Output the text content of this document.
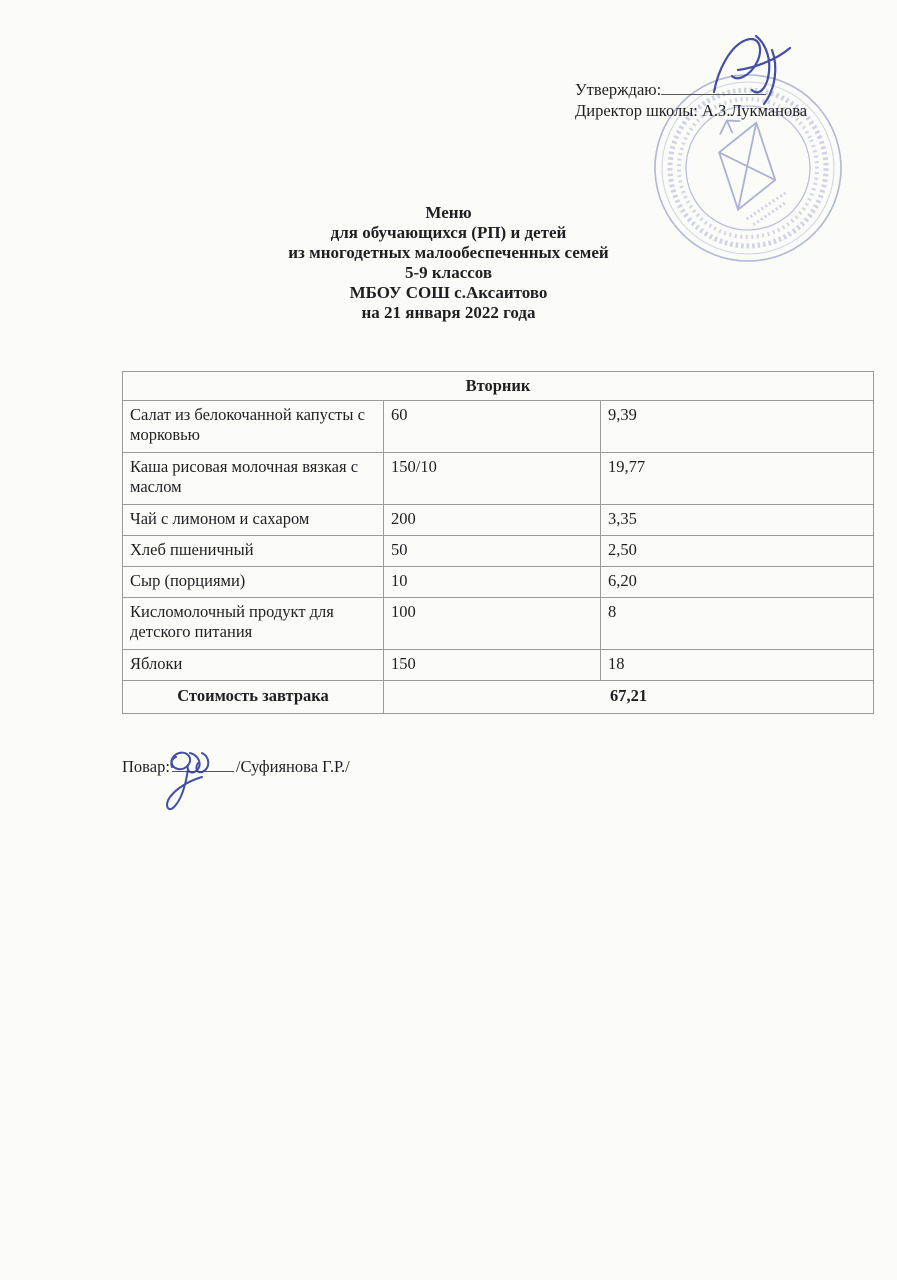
Утверждаю:
Директор школы: А.З.Лукманова
Меню
для обучающихся (РП) и детей
из многодетных малообеспеченных семей
5-9 классов
МБОУ СОШ с.Аксаитово
на 21 января 2022 года
Вторник		
Салат из белокочанной капусты с морковью	60	9,39
Каша рисовая молочная вязкая с маслом	150/10	19,77
Чай с лимоном и сахаром	200	3,35
Хлеб пшеничный	50	2,50
Сыр (порциями)	10	6,20
Кисломолочный продукт для детского питания	100	8
Яблоки	150	18
Стоимость завтрака	67,21	
Повар:	/Суфиянова Г.Р./
